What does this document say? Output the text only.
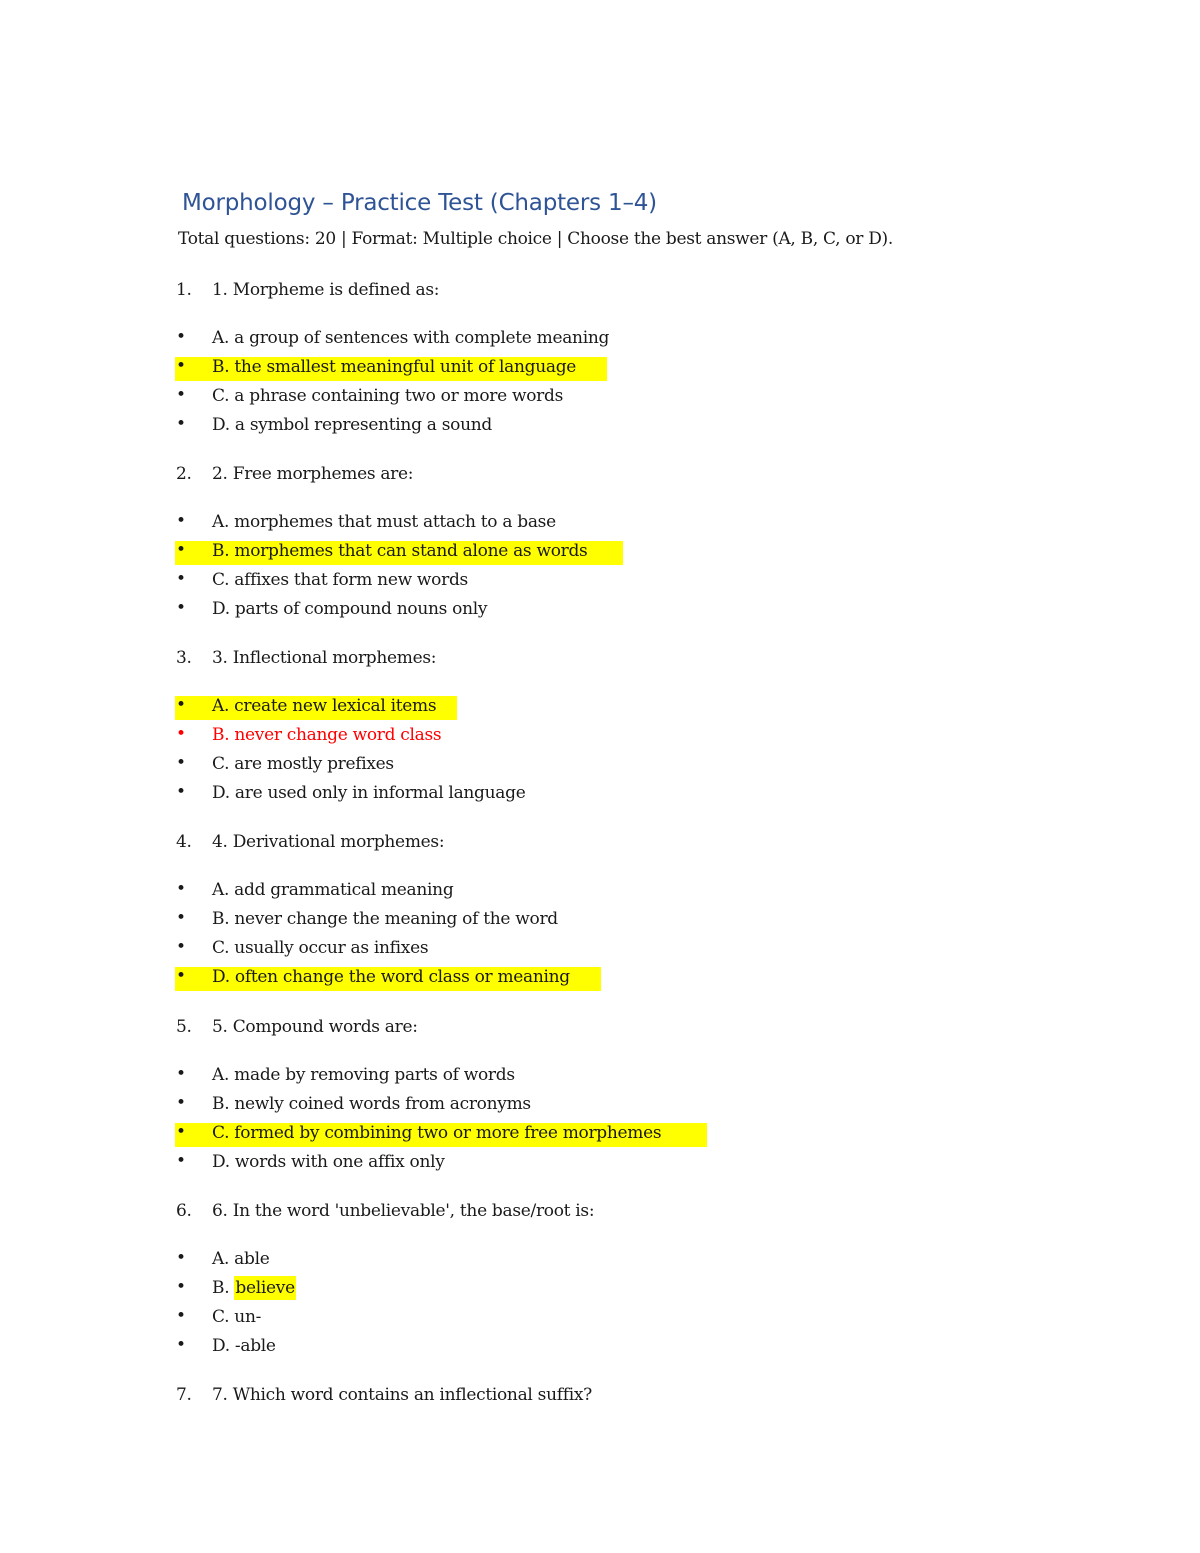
Morphology – Practice Test (Chapters 1–4)
Total questions: 20 | Format: Multiple choice | Choose the best answer (A, B, C, or D).
1. 1. Morpheme is defined as:
• A. a group of sentences with complete meaning
• B. the smallest meaningful unit of language
• C. a phrase containing two or more words
• D. a symbol representing a sound
2. 2. Free morphemes are:
• A. morphemes that must attach to a base
• B. morphemes that can stand alone as words
• C. affixes that form new words
• D. parts of compound nouns only
3. 3. Inflectional morphemes:
• A. create new lexical items
• B. never change word class
• C. are mostly prefixes
• D. are used only in informal language
4. 4. Derivational morphemes:
• A. add grammatical meaning
• B. never change the meaning of the word
• C. usually occur as infixes
• D. often change the word class or meaning
5. 5. Compound words are:
• A. made by removing parts of words
• B. newly coined words from acronyms
• C. formed by combining two or more free morphemes
• D. words with one affix only
6. 6. In the word 'unbelievable', the base/root is:
• A. able
• B. believe
• C. un-
• D. -able
7. 7. Which word contains an inflectional suffix?
